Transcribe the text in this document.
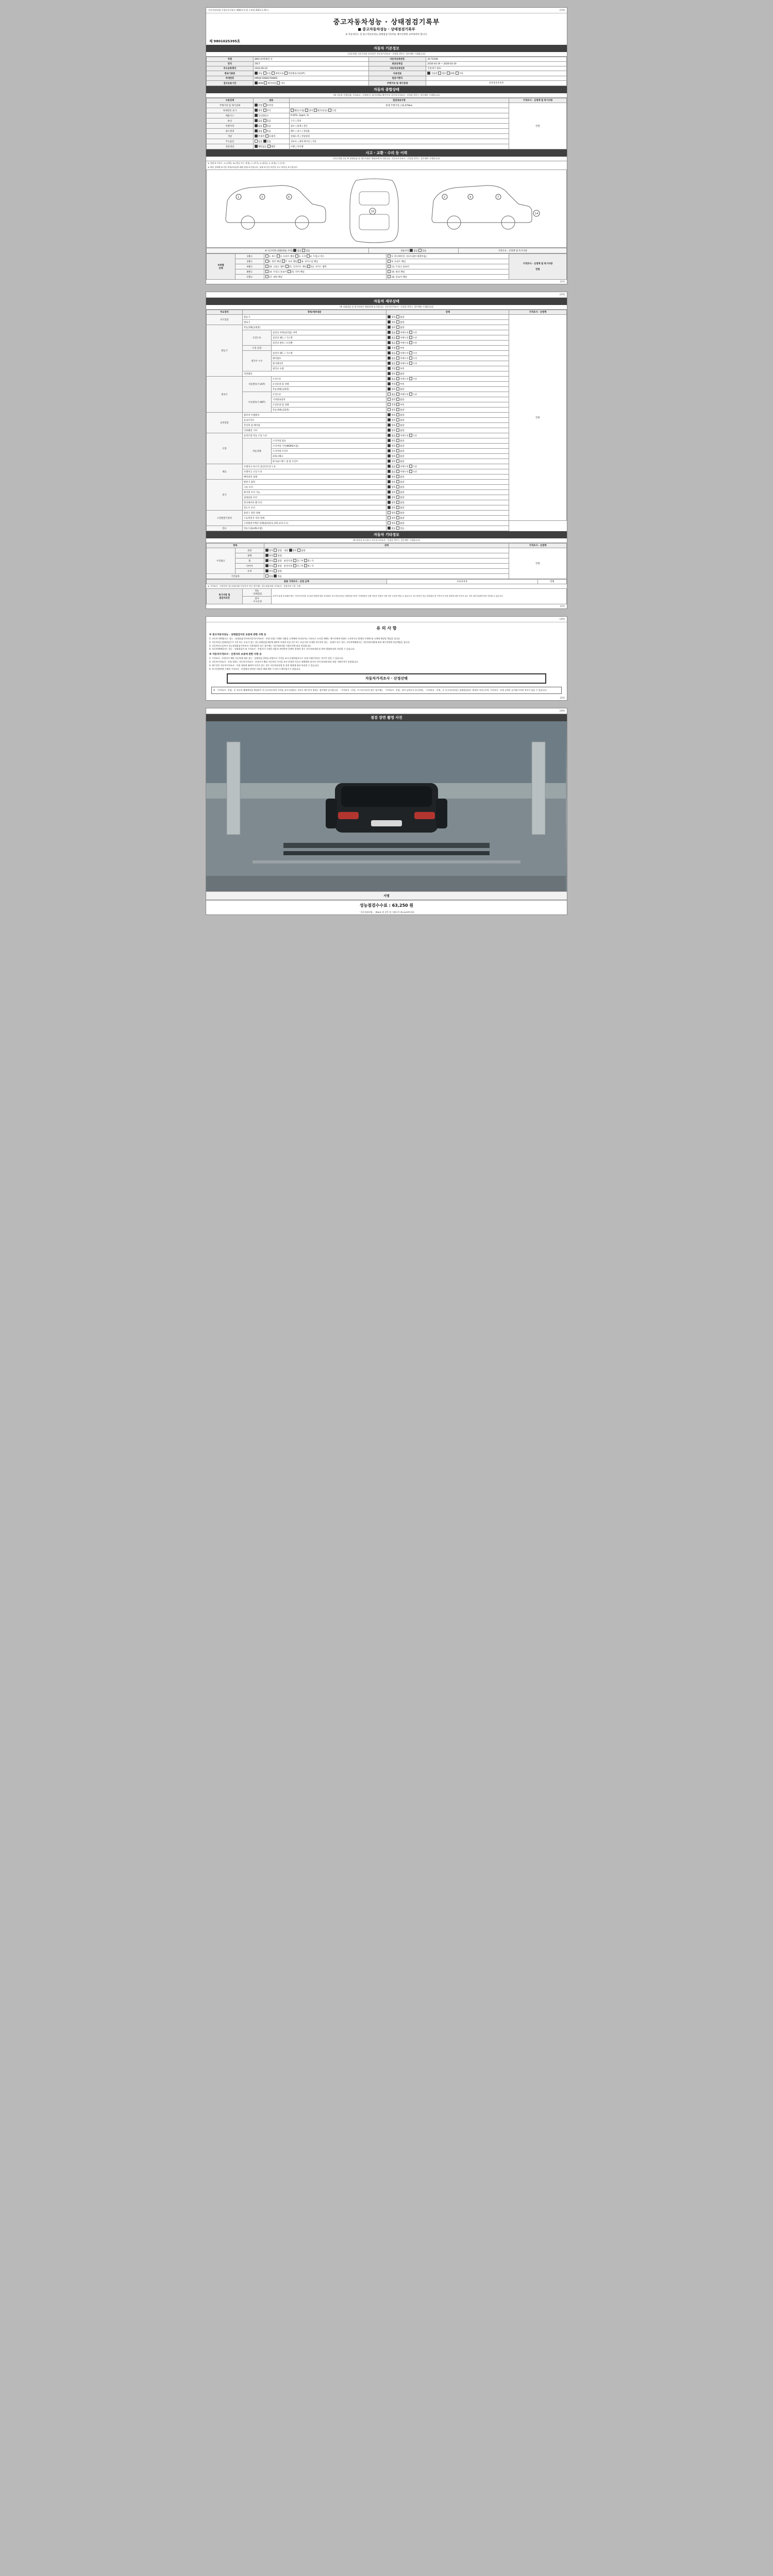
자동차관리법 시행규칙 [별지 제82호서식] <개정 2021.1.19.>	(1쪽)
중고자동차성능 · 상태점검기록부
■ 중고자동차성능 · 상태점검기록부
※ 자동차인도 전 중고자동차성능·상태점검기록부를 매수인에게 교부하여야 합니다.
제 9801025395호
자동차 기본정보
(자동차법 기준가격표 등사인은 자동차가격조사 · 산정을 받은는 경우에만 기재합니다)
차명	QM3 (4세대(일 ))	자동차등록번호	26가0199
연식	2017	최초등록일	2016-03-19 ~ 2026-03-19
주소등록형식	2016-09-19	자동차등록번호	인증세기 종류
변속기종류	자동 수동 세미오토 무단변속기(CVT)	사용연료	가솔린 경유 LPG 기타
차대번호	KMHJC1D6EE764892	원동기형식	
검사유효기간	OEM 제작차용 기타	주행거리 및 계기상태	0 0 0 0 0 0 0
자동차 종합상태
(※ 자동차 주행중량, 가격조사 · 산정액 등 평가자체를 확인인의 자동차가격조사 · 산정을 받은는 경우에만 기재합니다)
사용상태	내용	점검내용사항	가격조사 · 산정액 및 특기사항
주행거리 및 계기상태	적정 부적정	현재 주행거리 | 52,079km	만원
차대번호 표기	양호 부식	훼손(오염) 상이 변조(타공) 도말	
배출가스	일산화탄소	0.02%, 2ppm, %	
튜닝	없음 있음	구조 | 장치	
특별이력	없음 있음	침수 | 화재 | 전손	
용도변경	없음 있음	렌트 | 리스 | 영업용	
색상	무채색 유채색	전체도색 | 색상변경	
주요옵션	없음 있음	선루프 | 내비게이션 | 기타	
리콜대상	해당없음 해당	이행 | 미이행	
사고 · 교환 · 수리 등 이력
(자동차법 기준 ※ 상태점검 및 평가사항은 해당란에 표기합니다. 자동차가격조사 · 산정을 받은는 경우에만 기재합니다)
※ 상태 표시부호 : X (교환), W (판금 또는 용접), C (부식), A (흠집), U (요철), T (손상)
※ 하단 상태에 표기된 부위(부품)에 대해 상태 표기합니다. 상태 표기한 부분의 사고 여부를 표시합니다.
1	3	6
10
2	4	7
14
※ 사고이력 (외판/단순 수리) 없음 있음	단순수리 없음 있음	가격조사 · 산정액 및 특기사항
부위별
상태	1랭크	1. 후드 2. 프론트 휀더 3. 도어 4. 트렁크 리드	5. 라디에이터 서포트(볼트체결부품)	가격조사 · 산정액 및 특기사항

만원
	2랭크	6. 쿼터 패널 7. 루프 패널 8. 사이드실 패널	9. 프론트 패널	
	A랭크	10. 크로스 멤버 11. 인사이드 패널 12. 사이드 멤버	13. 트렁크 플로어	
	B랭크	14. 트렁크 플로어 15. 리어 패널	16. 필러 패널	
	C랭크	17. 대쉬 패널	18. 플로어 패널	
(1쪽)
(2쪽)
자동차 세부상태
(※ 상태점검 및 평가사항은 해당란에 표기합니다. 자동차가격조사 · 산정을 받은는 경우에만 기재합니다)
주요장치	항목/세부내용		상태	가격조사 · 산정액
자기진단	원동기		양호 불량	만원
	변속기		양호 불량	
원동기	작동상태(공회전)		양호 불량	
	오일누유	실린더 커버(로커암) 커버	없음 미세누유 누유	
		실린더 헤드 / 가스켓	없음 미세누유 누유	
		실린더 블록 / 오일팬	없음 미세누유 누유	
	오일 유량		적정 부족	
	냉각수 누수	실린더 헤드 / 가스켓	없음 미세누수 누수	
		워터펌프	없음 미세누수 누수	
		라디에이터	없음 미세누수 누수	
		냉각수 수량	적정 부족	
	커먼레일		양호 불량	
변속기	자동변속기 (A/T)	오일누유	없음 미세누유 누유	
		오일유량 및 상태	적정 부족	
		작동상태(공회전)	양호 불량	
	수동변속기 (M/T)	오일누유	없음 미세누유 누유	
		기어변속장치	양호 불량	
		오일유량 및 상태	적정 부족	
		작동상태(공회전)	양호 불량	
동력전달	클러치 어셈블리		양호 불량	
	등속조인트		양호 불량	
	추진축 및 베어링		양호 불량	
	디퍼렌셜 기어		양호 불량	
조향	동력조향 작동 오일 누유		없음 미세누유 누유	
	작동상태	스티어링 펌프	양호 불량	
		스티어링 기어(MDPS포함)	양호 불량	
		스티어링 조인트	양호 불량	
		파워크랭크	양호 불량	
		타이로드엔드 및 볼 조인트	양호 불량	
제동	브레이크 마스터 실린더오일 누유		없음 미세누유 누유	
	브레이크 오일 누유		없음 미세누유 누유	
	배력장치 상태		양호 불량	
전기	발전기 출력		양호 불량	
	시동 모터		양호 불량	
	와이퍼 모터 기능		양호 불량	
	실내송풍 모터		양호 불량	
	라디에이터 팬 모터		양호 불량	
	윈도우 모터		양호 불량	
고전원전기장치	충전구 절연 상태		양호 불량	
	구동축전지 격리 상태		양호 불량	
	고전원전기배선 상태(접속단자,피복,보호기구)		양호 불량	
연료	연료누출(LPG포함)		없음 있음	
자동차 기타정보
(※ 항목을 표시하고 자동차가격조사 · 산정을 받은는 경우에만 기재합니다)
항목		상태	가격조사 · 산정액
수리필요	외장	양호 불량   내장 양호 불량	만원
	광택	양호 불량	
	휠	양호 불량   운전석전 전 / 후 좌 / 우	
	타이어	양호 불량   운전석전 전 / 후 좌 / 우	
	유리	양호 불량	
기본품목		없음 있음	
최종 가격조사 · 산정 금액	0 0 0 0 0	만원
※ 가격조사 · 산정자의 성능점검자와 동일인이 아닌 경우에는 성능점검자와 가격조사 · 산정자의 구분 기재
특기사항 및
점검자의견	성능
· 상태점검	소비자 분쟁 및 피해구제는 '소비자기본법' 및 관련 법령에 따라 처리되며, 중고자동차성능·상태점검기록부 기재내용과 실제 자동차 상태가 다를 경우 보상을 받을 수 있습니다. 중고자동차 성능·상태점검 및 가격조사·산정 결과에 대한 이의가 있는 경우 관련 법령에 따라 처리할 수 있습니다.
검사
· 조사산정
(2쪽)
(3쪽)
유 의 사 항
※ 중고자동차성능 · 상태점검자의 보증에 관한 사항 등

1. 자동차 매매업자는 성능 · 상태점검기록부(자동차가격조사 · 산정 포함) 기재된 내용을 고객에게 아니하거나 거짓으로 고지할 때에는 매수인에게 허위로 고지하거나 발생한 문제에 대 고객에 배상할 책임을 집니다.

2. 자동차성능상태점검기가 거짓 또는 오류가 있는 성능상태점검내용에 대하여 어떠한 보증기간 또는 보증거리 이내에 자동차의 성능 · 상태가 다른 경우, 자동차매매업자는 자동차관리법에 따라 매수인에게 보상책임을 집니다.

3. 자동차인도일부터 성능상태점검기록부의 기재내용과 다른 경우에는 자동차관리법 시행규칙에 따라 처리합니다.

4. 자동차매매업자는 성능 · 상태점검자 및 가격조사 · 산정자가 기재한 내용과 관련하여 분쟁이 발생한 경우 자동차관리법 및 관련 법령에 따라 처리할 수 있습니다.

※ 자동차가격조사 · 산정자의 보증에 관한 사항 등

1. 가격조사 · 산정자가 해당 자동차에 대한 성능 · 상태점검 결과를 바탕으로 가격을 조사·산정하였으므로 실제 거래가격과는 차이가 있을 수 있습니다.

2. 자동차가격조사 · 산정 결과는 자동차가격조사 · 산정자가 해당 자동차의 가격을 조사·산정한 것으로 매매계약 당사자 간의 합의에 따라 최종 거래가격이 결정됩니다.

3. 매수인은 자동차가격조사 · 산정 내용에 대하여 이의가 있는 경우 자동차관리법 및 관련 법령에 따라 처리할 수 있습니다.

4. 특기사항란에 기재된 가격조사 · 산정액과 관련된 사항은 매매 계약 시 반드시 확인하시기 바랍니다.

자동차가격조사 · 산정선택
※ 「가격조사 · 산정」은 자동차 매매계약을 체결하기 전 중고자동차의 가격을 조사·산정하는 것으로 매수인이 원하는 경우에만 실시합니다. 「가격조사 · 산정」이 이루어지지 않은 경우에는 「가격조사 · 산정」란이 공란으로 표시되며, 「가격조사 · 산정」은 중고자동차성능·상태점검과는 별개의 서비스이며, 가격조사 · 산정 금액은 실거래 가격과 차이가 있을 수 있습니다.
(3쪽)
(4쪽)
점검 장면 촬영 사진
서명
성능점검수수료 : 63,250 원
「자동차관리법」 제58조 및 같은 법 시행규칙 제120조에 따라
